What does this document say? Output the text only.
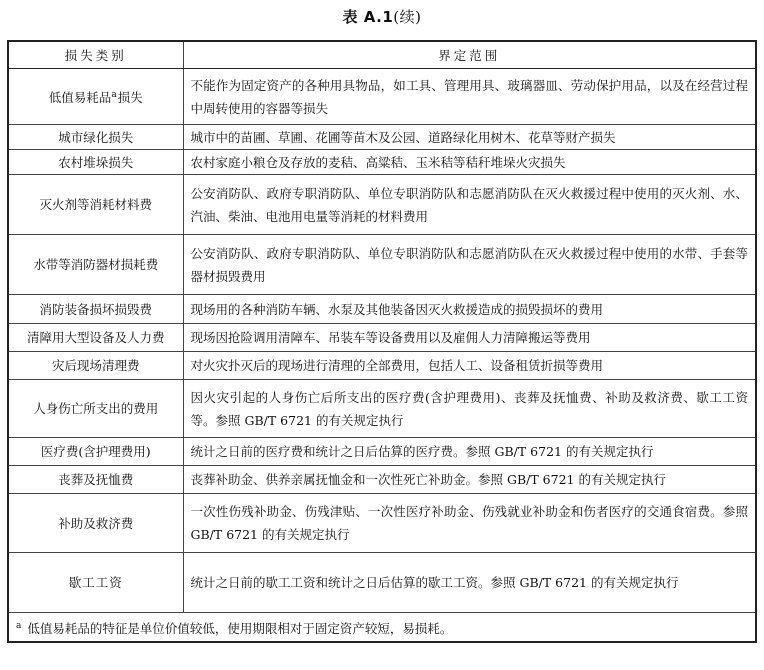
表 A.1(续)
损失类别	界定范围
低值易耗品$^a$损失	不能作为固定资产的各种用具物品，如工具、管理用具、玻璃器皿、劳动保护用品，以及在经营过程中周转使用的容器等损失
城市绿化损失	城市中的苗圃、草圃、花圃等苗木及公园、道路绿化用树木、花草等财产损失
农村堆垛损失	农村家庭小粮仓及存放的麦秸、高粱秸、玉米秸等秸秆堆垛火灾损失
灭火剂等消耗材料费	公安消防队、政府专职消防队、单位专职消防队和志愿消防队在灭火救援过程中使用的灭火剂、水、汽油、柴油、电池用电量等消耗的材料费用
水带等消防器材损耗费	公安消防队、政府专职消防队、单位专职消防队和志愿消防队在灭火救援过程中使用的水带、手套等器材损毁费用
消防装备损坏损毁费	现场用的各种消防车辆、水泵及其他装备因灭火救援造成的损毁损坏的费用
清障用大型设备及人力费	现场因抢险调用清障车、吊装车等设备费用以及雇佣人力清障搬运等费用
灾后现场清理费	对火灾扑灭后的现场进行清理的全部费用，包括人工、设备租赁折损等费用
人身伤亡所支出的费用	因火灾引起的人身伤亡后所支出的医疗费(含护理费用)、丧葬及抚恤费、补助及救济费、歇工工资等。参照 GB/T 6721 的有关规定执行
医疗费(含护理费用)	统计之日前的医疗费和统计之日后估算的医疗费。参照 GB/T 6721 的有关规定执行
丧葬及抚恤费	丧葬补助金、供养亲属抚恤金和一次性死亡补助金。参照 GB/T 6721 的有关规定执行
补助及救济费	一次性伤残补助金、伤残津贴、一次性医疗补助金、伤残就业补助金和伤者医疗的交通食宿费。参照 GB/T 6721 的有关规定执行
歇工工资	统计之日前的歇工工资和统计之日后估算的歇工工资。参照 GB/T 6721 的有关规定执行
$^a$ 低值易耗品的特征是单位价值较低，使用期限相对于固定资产较短，易损耗。	
